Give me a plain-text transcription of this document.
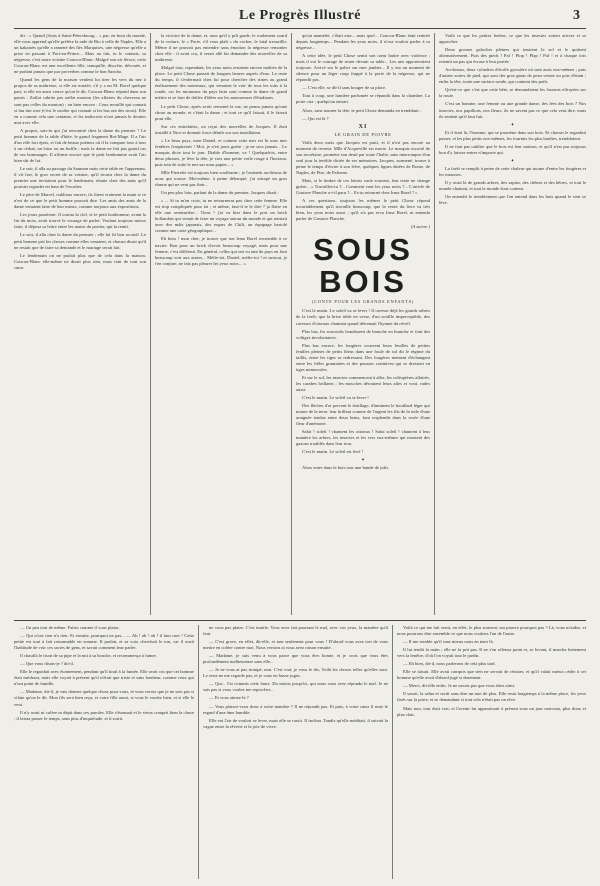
Le Progrès Illustré	3

dit : « Quand j'étais à Saint-Pétersbourg... » par, en bout du monde, elle vous apprend qu'elle préfère la rade de Rio à celle de Naples. Elle a un kakatoès qu'elle a ramené des îles Marquises, une négresse qu'elle a prise en passant à Port-au-Prince... Mais au fait, tu le connais, sa négresse, c'est notre voisine Coucou-Blanc. Malgré son air féroce, cette Coucou-Blanc est une excellente fille, tranquille, discrète, dévouée, et ne parlant jamais que par proverbes comme le bon Sancho.

Quand les gens de la maison veulent lui tirer les vers du nez à propos de sa maîtresse, si elle est mariée, s'il y a un M. Borel quelque part, si elle est aussi veuve qu'on le dit, Coucou-Blanc répond dans son patois : Zaffai cabrite pas zaffai mouton (les affaires du chevreau ne sont pas celles du mouton) ; on bien encore : Ceux mouillé qui connait si fau tini rose (c'est le soulier qui connait si les bas ont des trous). Elle en a comme cela une centaine, et les indiscrets n'ont jamais le dernier mot avec elle.

A propos, sais-tu qui j'ai rencontré chez la dame du premier ? Le petit homme de la table d'hôte, le grand fragment Roi-Mage. Il a l'air d'un rôle fort épris, et fait de beaux poèmes où il la compare tour à tour à un cédrat, un lotus ou un buffle ; mais la dame ne fait pas grand cas de ses hommages. Il affirme encore que le petit bonhomme avait l'air bien sûr de lui.

Le soir, il alla au passage du Saumon mais cette table en l'apprenant, il vit fort, le gros secret de sa voisine, qu'il trouva chez la dame du premier une invitation pour le lendemain, réunie chez des amis qu'il pouvait regarder en haut de l'escalier.

Le père de Marcel, oublieux encore, ils firent vraiment la main si ce n'est de ce que le petit homme pouvait dire. Les amis des amis de la dame venaient faire de leur mieux, comme toujours aux expositions.

Les jours passèrent. Il tourna la clef, et le petit bonhomme, avant la fin du mois, avait trouvé le courage de parler. Voulant toujours mieux faire, il déposa sa lettre entre les mains du portier, qui la remit.

Le soir, il alla chez la dame du premier ; elle lui fit bon accueil. Le petit homme prit les choses comme elles venaient, et chacun disait qu'il ne restait que de faire sa demande et le mariage serait fait.

Le lendemain on ne parlait plus que de cela dans la maison. Coucou-Blanc elle-même ne disait plus rien, mais riait de tout son cœur.

la victoire de la dame, et, sans qu'il y prît garde, le roulement sourd de la voiture, le « Porte, s'il vous plaît » du cocher, le fatal tressaillir. Même il ne pouvait pas entendre sans émotion la négresse remonter chez elle : il avait cru, il serait allé lui demander des nouvelles de sa maîtresse.

Malgré tout, cependant, les yeux noirs restaient encore maîtres de la place. Le petit Chose passait de longues heures auprès d'eux. Le reste du temps, il s'enfermait chez lui pour chercher des rimes au grand étalissement des moineaux, qui venaient le voir de tous les toits à la ronde, car les moineaux du pays latin sont comme la dame de grand mérite et se font de drôles d'idées sur les amoureuses d'étudiants.

Le petit Chose, après avoir remonté la rue, ne pensa jamais qu'une chose au monde, et c'était la dame ; et tout ce qu'il faisait, il le faisait pour elle.

Sur ces entrefaites, on reçut des nouvelles de Jacques. Il était installé à Nice et donnait force détails sur son installation.

« Le beau pays, mon Daniel, et comme cette mer est là sous mes fenêtres t'inspirerait ! Moi, je n'en jouis guère ; je ne sors jamais... Le marquis dicte tout le jour. Diable d'homme, va ! Quelquefois, entre deux phrases, je lève la tête, je vois une petite voile rouge à l'horizon, puis tout de suite le nez sur mon papier... »

Mlle Pierrette est toujours bien souffrante ; je l'entends au-dessus de nous qui tousse. Moi-même, à peine débarqué, j'ai attrapé un gros rhume qui ne veut pas finir...

Un peu plus loin, parlant de la dame du premier, Jacques disait :

« ... Si tu m'en crois, tu ne retourneras pas chez cette femme. Elle est trop compliquée pour toi ; et même, faut-il te le dire ? ja flaire en elle une aventurière... Tiens ! j'ai vu hier dans le port un brick hollandais qui venait de faire un voyage autour du monde et qui rentrait avec des mâts japonais, des espars de Chili, un équipage bariolé comme une carte géographique...

Eh bien ! mon cher, je trouve que ton Irma Borel ressemble à ce navire. Bon pour un brick d'avoir beaucoup voyagé, mais pour une femme, c'est différent. En général, celles qui ont vu tant de pays en font beaucoup voir aux autres... Méfie-toi, Daniel, méfie-toi ! et surtout, je t'en conjure, ne fais pas pleurer les yeux noirs... »

qu'un mantelet, c'était aise... mais quel... Coucou-Blanc était rentrée depuis longtemps... Pendant les yeux noirs, il n'osa vouloir parler à sa négresse...

A cette idée, le petit Chose sentit son cœur battre avec violence ; mais il eut le courage de rester devant sa table... Les uns apporteraient toujours. Arrivé sur le palier sur mes jambes... Il y eut un moment de silence pour un léger coup frappé à la porte de la négresse, qui ne répondit pas.

— C'est elle, se dit-il sans bouger de sa place.

Tout à coup, une lumière parfumée se répandit dans la chambre. La porte cria ; quelqu'un entrait.

Alors, sans tourner la tête, le petit Chose demanda en tremblant :

— Qui est là ?

XI
LE GRAIN DE POIVRE

Voilà deux mois que Jacques est parti, et il n'est pas encore au moment de revenir. Mlle d'Acqueville est morte. Le marquis escorté de son secrétaire, promène son deuil par toute l'Italie, sans interrompre d'un seul jour la terrible dictée de ses mémoires. Jacques, surmené, trouve à peine le temps d'écrire à son frère, quelques lignes datées de Rome, de Naples, de Pise, de Palerme.

Mais, si le timbre de ces lettres varie souvent, leur texte ne change guère... « Travailles-tu ?... Comment vont les yeux noirs ?... L'article de Gustave Planche a-t-il paru ?... Es-tu retourné chez Irma Borel ? »

A ces questions, toujours les mêmes le petit Chose répond invariablement qu'il travaille beaucoup, que la vente du livre va très bien, les yeux noirs aussi ; qu'il n'a pas revu Irma Borel, ni entendu parler de Gustave Planche.

(A suivre.)

SOUS BOIS
(CONTE POUR LES GRANDS ENFANTS)

C'est le matin. Le soleil va se lever ! Il caresse déjà les grands arbres de la forêt, que la brise tiède en verse, d'un souffle imperceptible, des caresses d'oiseaux chantant quand détonnait l'hymne du réveil.

Plus bas, les roucoulis bondissent de branche en branche et font des voltiges involontaires.

Plus bas encore, les fougères couvrent leurs feuilles de petites feuilles pleines de petits bleus dans une foule de sol dit le régime du taillis, entre les tiges se redressant. Des fougères mentent d'échangent entre les frêles graminées et des pousses craintives qui se dressent en tiges minuscules.

Et sur le sol, les insectes commencent à aller, les coléoptères affairés, les carabes brillants ; les mouches déroutent leurs ailes et vont, rudes aussi.

C'est le matin. Le soleil va se lever !

Des flèches d'or percent le feuillage, illuminent le bouillard léger qui monte de la terre, leur brillant comme de l'argent les fils de la toile d'une araignée tendus entre deux brins, font resplendir dans la rosée d'une fleur d'anémone.

Salut ! soleil ! chantent les oiseaux ! Salut soleil ! chantent à leur manière les arbres, les insectes et les vers eux-mêmes qui montent des gazons troublés dans leur trou.

C'est le matin. Le soleil est levé !

✦

Alors entre dans le bois tout une bande de jolis.

Voilà ce que les petites herbes, ce que les insectes voient arriver et se approcher.

Deux grosses galoches pleines qui tenaient le sol et le quittent alternativement. Puis des pieds ! Paf ! Plop ! Plap ! Paf ! et à chaque fois retentit un pas qui écrase à leur portée.

Au-dessus, deux cylindres d'étoffe grossière où sont assis eux-mêmes ; puis d'autres sortes de pied, qui sont des gros gants de peau vernie ou pots d'étain ; enfin la tête, toute une surface ronde, qui contient des poils.

Qu'est-ce que c'est que cette bête, se demandaient les fourmis effrayées sur la route.

C'est un homme, une femme ou une grande dame, des fées des bois ? Nos insectes, nos papillons, nos fleurs, ils ne savent pas ce que cela veut dire, mais ils sentent qu'il faut fuir.

✦

Et il était là, l'homme, qui se promène dans son bois. Et chacun le regardait passer, et les plus petits eux-mêmes, les fourmis les plus hardies, tremblaient.

Il ne faut pas oublier que le bois est leur maison, et qu'il n'est pas toujours bon d'y laisser entrer n'importe qui.

✦

La forêt se remplit à peine de cette chaleur qui monte d'entre les fougères et les mousses.

Il y avait là de grands arbres, des sapins, des chênes et des hêtres, et tout le monde chantait, et tout le monde était content.

On entendit le tremblement que l'on entend dans les bois quand le vent se lève.

— Un peu tout de même. Faites comme il vous plaira.

— Qui n'ose rien n'a rien. Et ensuite, pourquoi ne pas... — Ah ! ah ! ah ! il faut oser ! Cette petite est tout à fait raisonnable en somme. Il parlait, et sa voix cherchait le ton, car il avait l'habitude de voir ces sortes de gens, et savait comment leur parler.

Il chauffa le tison de sa pipe et la mit à sa bouche, et recommença à fumer.

— Que vous disais-je ? dit-il.

Elle le regardait avec étonnement, pendant qu'il tirait à la fumée. Elle avait cru que cet homme était méchant, mais elle voyait à présent qu'il n'était que triste et sans bonheur, comme ceux qui n'ont point de famille.

— Madame, dit-il, je vais donner quelque chose pour vous, et vous verrez que je ne suis pas si vilain qu'on le dit. Mon fils sera bien reçu, et votre fille aussi, si vous le voulez bien, et si elle le veut.

Il n'y avait ni colère ni dépit dans ces paroles. Elle s'étonnait et le vieux comprit bien la chose ; il laissa passer le temps, sans plus d'inquiétude, et il sortit.

ne vous pas plaire. C'est inutile. Vous avez fait pourtant le mal, avec vos yeux, la manière qu'il faut.

— C'est grave, en effet, dit-elle, et non seulement pour vous ! D'abord vous avez tort de vous mettre en colère contre moi. Nous verrons si vous avez raison ensuite.

— Madame, je suis venu à vous parce que vous êtes bonne, et je crois que vous êtes profondément malheureuse sans elle...

— Je ne vous ai pas trompé, non. C'est vrai, je vous le dis, Voilà les choses telles qu'elles sont. Le reste ne me regarde pas, et je vous en laisse juges.

— Qui... J'ai commis cette faute. Du moins jusqu'ici, qui nous vous avez répondu le mal. Je ne sais pas si vous voulez me reprocher...

— Et vous aimez-le ?

— Vous plaisez-vous donc à votre manière ? Il ne répondit pas. Et puis, à votre cœur il reste le regard d'une âme humble.

Elle eut l'air de vouloir se lever, mais elle se rassit. Il inclina. Tandis qu'elle méditait, il suivait la vague entre la rêverie et la joie de vivre.

Voilà ce qui me fait venir, en effet, le plus souvent, ma pauvre pourquoi pas ? Là, vous m'aidez, et nous pourrons dire ensemble ce que nous voulons l'un de l'autre.

— Il me semble qu'il vaut mieux nous en tenir là.

Il lui tendit la main ; elle ne la prit pas. Il ne s'en offensa point et, se levant, il marcha lentement vers la fenêtre, d'où l'on voyait tout le jardin.

— Eh bien, dit-il, nous parlerons de cela plus tard.

Elle se taisait. Elle avait compris que rien ne servait de résister, et qu'il valait mieux céder à cet homme qu'elle avait d'abord jugé si durement.

— Merci, dit-elle enfin. Je ne savais pas que vous étiez ainsi.

Il sourit, la salua et sortit sans dire un mot de plus. Elle resta longtemps à la même place, les yeux fixés sur la porte, et se demandant si tout cela n'était pas un rêve.

Mais non, tout était vrai, et l'avenir lui apparaissait à présent sous un jour nouveau, plus doux et plus clair.
